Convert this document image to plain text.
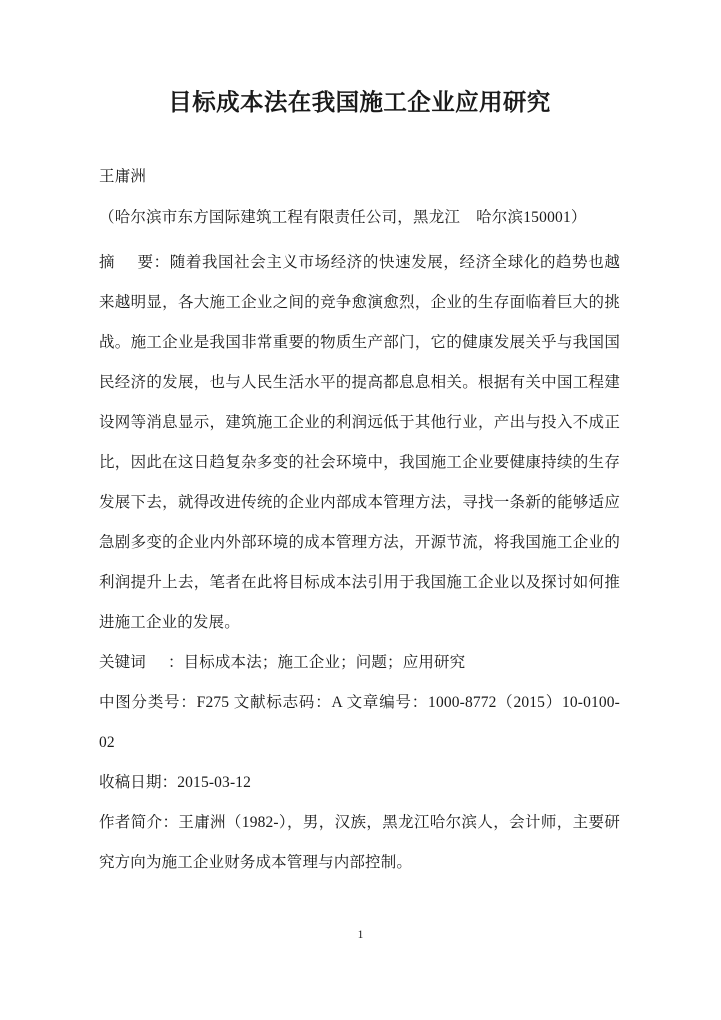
目标成本法在我国施工企业应用研究

王庸洲

（哈尔滨市东方国际建筑工程有限责任公司，黑龙江 哈尔滨150001）

摘 要：随着我国社会主义市场经济的快速发展，经济全球化的趋势也越来越明显，各大施工企业之间的竞争愈演愈烈，企业的生存面临着巨大的挑战。施工企业是我国非常重要的物质生产部门，它的健康发展关乎与我国国民经济的发展，也与人民生活水平的提高都息息相关。根据有关中国工程建设网等消息显示，建筑施工企业的利润远低于其他行业，产出与投入不成正比，因此在这日趋复杂多变的社会环境中，我国施工企业要健康持续的生存发展下去，就得改进传统的企业内部成本管理方法，寻找一条新的能够适应急剧多变的企业内外部环境的成本管理方法，开源节流，将我国施工企业的利润提升上去，笔者在此将目标成本法引用于我国施工企业以及探讨如何推进施工企业的发展。

关键词 ：目标成本法；施工企业；问题；应用研究

中图分类号：F275 文献标志码：A 文章编号：1000-8772（2015）10-0100-02

收稿日期：2015-03-12

作者简介：王庸洲（1982-），男，汉族，黑龙江哈尔滨人，会计师，主要研究方向为施工企业财务成本管理与内部控制。

1
